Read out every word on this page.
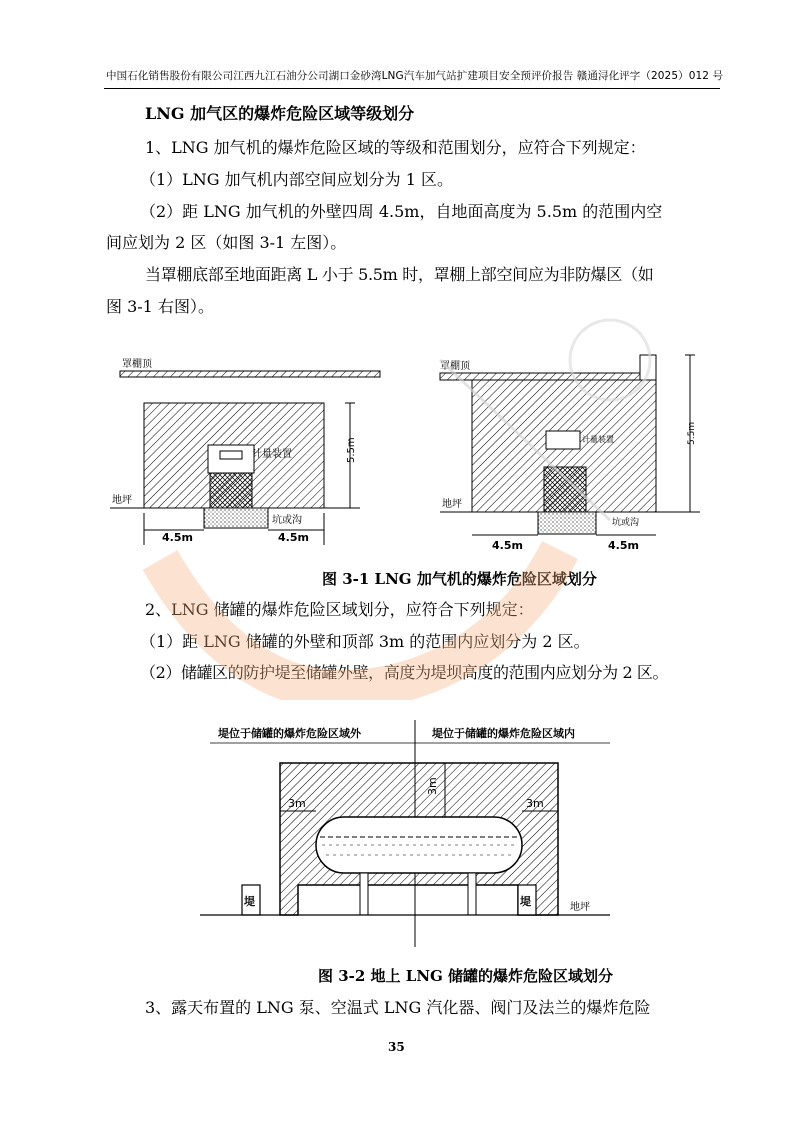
中国石化销售股份有限公司江西九江石油分公司湖口金砂湾LNG汽车加气站扩建项目安全预评价报告 赣通浔化评字（2025）012 号
LNG 加气区的爆炸危险区域等级划分
1、LNG 加气机的爆炸危险区域的等级和范围划分，应符合下列规定：
（1）LNG 加气机内部空间应划分为 1 区。
（2）距 LNG 加气机的外壁四周 4.5m，自地面高度为 5.5m 的范围内空
间应划为 2 区（如图 3-1 左图）。
当罩棚底部至地面距离 L 小于 5.5m 时，罩棚上部空间应为非防爆区（如
图 3-1 右图）。
罩棚顶
计量装置
地坪
坑或沟
5.5m
4.5m	4.5m
罩棚顶
计量装置
地坪
坑或沟
5.5m
4.5m	4.5m
图 3-1 LNG 加气机的爆炸危险区域划分
2、LNG 储罐的爆炸危险区域划分，应符合下列规定：
（1）距 LNG 储罐的外壁和顶部 3m 的范围内应划分为 2 区。
（2）储罐区的防护堤至储罐外壁，高度为堤坝高度的范围内应划分为 2 区。
堤位于储罐的爆炸危险区域外	堤位于储罐的爆炸危险区域内
堤	堤	地坪
3m
3m	3m
图 3-2 地上 LNG 储罐的爆炸危险区域划分
3、露天布置的 LNG 泵、空温式 LNG 汽化器、阀门及法兰的爆炸危险
35
